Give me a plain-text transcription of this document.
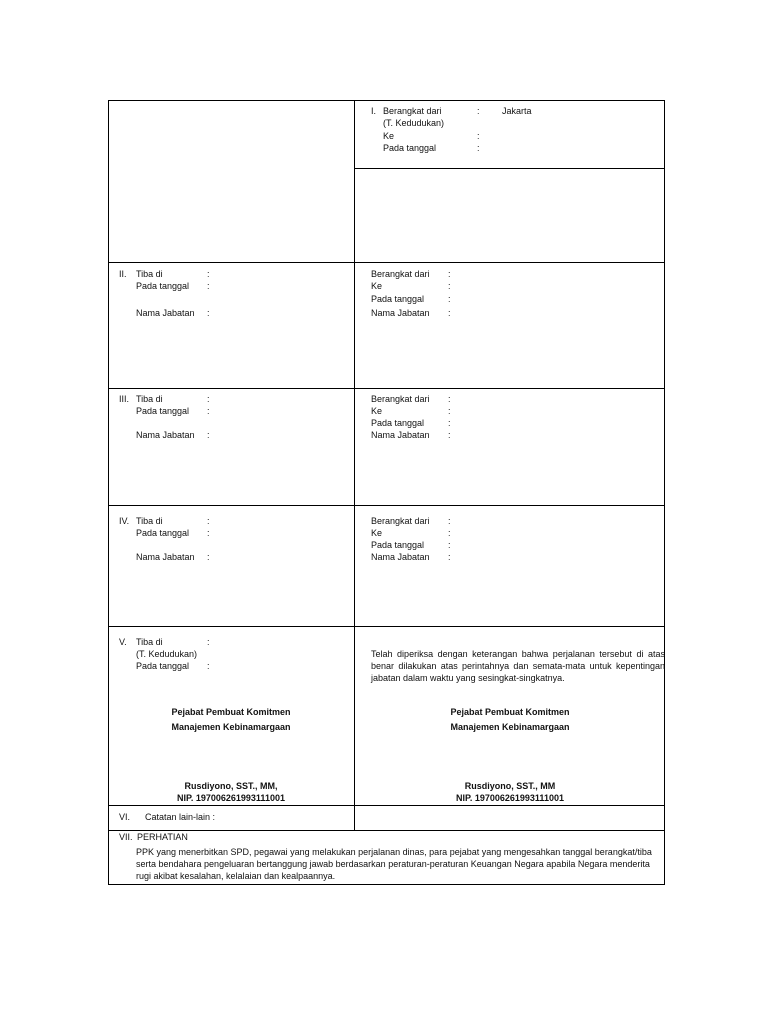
I. Berangkat dari	: Jakarta
(T. Kedudukan)
Ke	:
Pada tanggal	:
II. Tiba di	:
Pada tanggal :
Nama Jabatan :
Berangkat dari :
Ke	:
Pada tanggal	:
Nama Jabatan :
III. Tiba di	:
Pada tanggal :
Nama Jabatan :
Berangkat dari :
Ke	:
Pada tanggal	:
Nama Jabatan :
IV. Tiba di	:
Pada tanggal :
Nama Jabatan :
Berangkat dari :
Ke	:
Pada tanggal	:
Nama Jabatan :
V. Tiba di	:
(T. Kedudukan)
Pada tanggal :
Telah diperiksa dengan keterangan bahwa perjalanan tersebut di atas benar dilakukan atas perintahnya dan semata-mata untuk kepentingan jabatan dalam waktu yang sesingkat-singkatnya.
Pejabat Pembuat Komitmen
Manajemen Kebinamargaan
Rusdiyono, SST., MM,
NIP. 197006261993111001
Pejabat Pembuat Komitmen
Manajemen Kebinamargaan
Rusdiyono, SST., MM
NIP. 197006261993111001
VI. Catatan lain-lain :
VII. PERHATIAN
PPK yang menerbitkan SPD, pegawai yang melakukan perjalanan dinas, para pejabat yang mengesahkan tanggal berangkat/tiba
serta bendahara pengeluaran bertanggung jawab berdasarkan peraturan-peraturan Keuangan Negara apabila Negara menderita
rugi akibat kesalahan, kelalaian dan kealpaannya.
